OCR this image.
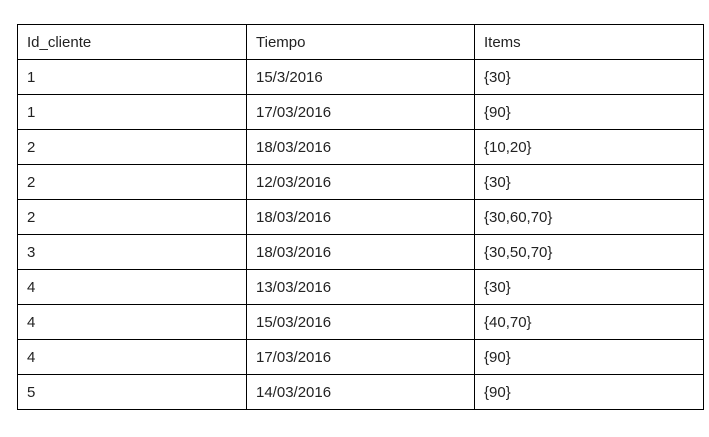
Id_cliente	Tiempo	Items
1	15/3/2016	{30}
1	17/03/2016	{90}
2	18/03/2016	{10,20}
2	12/03/2016	{30}
2	18/03/2016	{30,60,70}
3	18/03/2016	{30,50,70}
4	13/03/2016	{30}
4	15/03/2016	{40,70}
4	17/03/2016	{90}
5	14/03/2016	{90}
